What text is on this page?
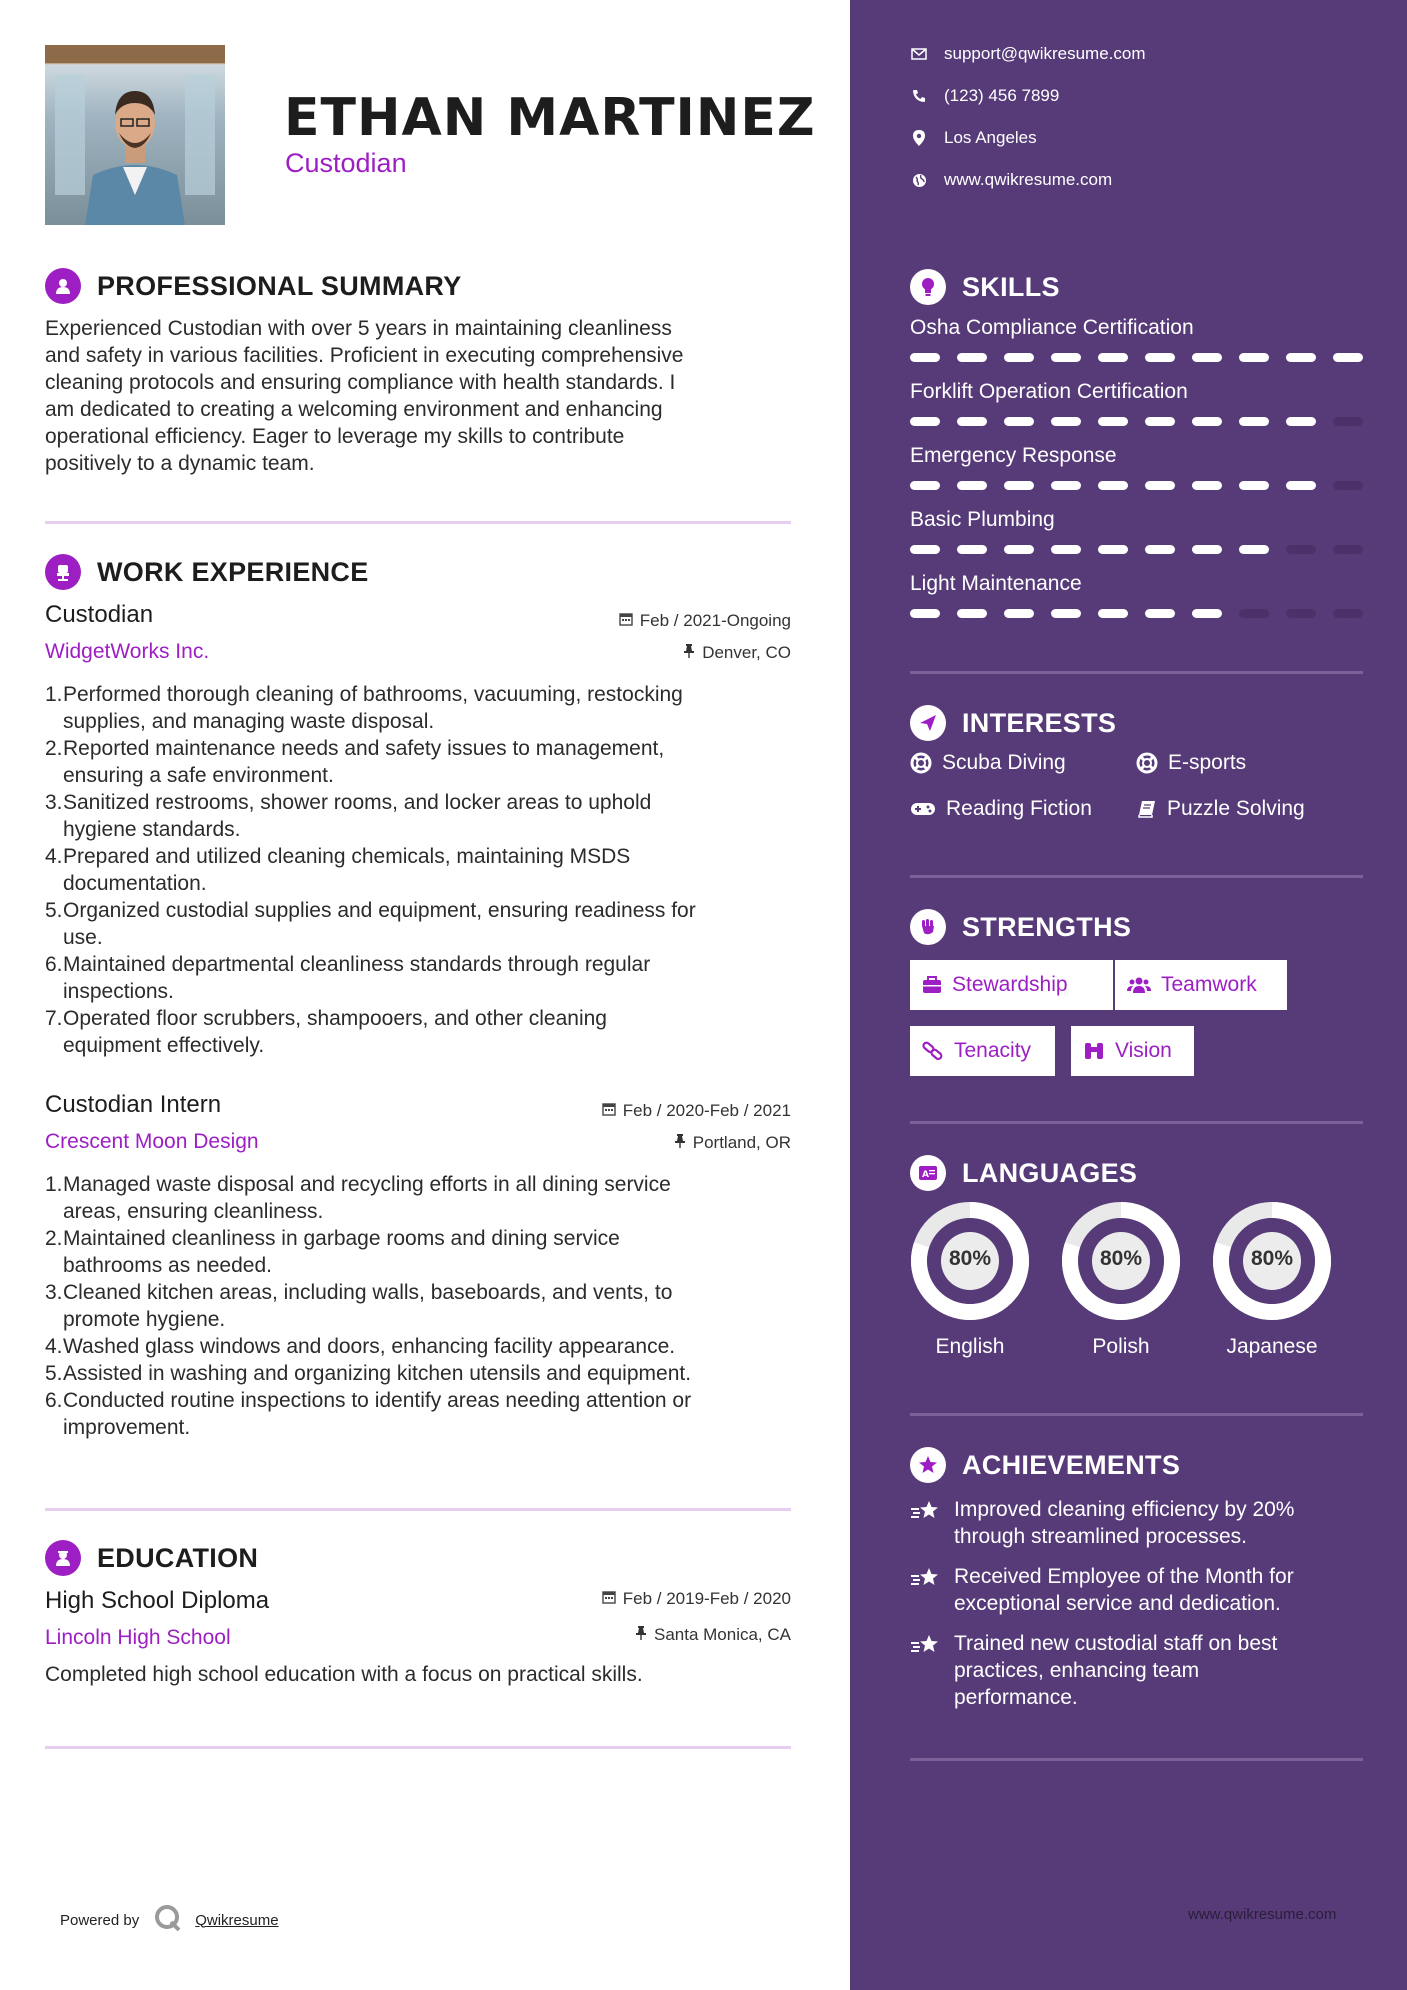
ETHAN MARTINEZ
Custodian
PROFESSIONAL SUMMARY
Experienced Custodian with over 5 years in maintaining cleanliness
and safety in various facilities. Proficient in executing comprehensive
cleaning protocols and ensuring compliance with health standards. I
am dedicated to creating a welcoming environment and enhancing
operational efficiency. Eager to leverage my skills to contribute
positively to a dynamic team.
WORK EXPERIENCE
Custodian	Feb / 2021-Ongoing
WidgetWorks Inc.	Denver, CO
1. Performed thorough cleaning of bathrooms, vacuuming, restocking
supplies, and managing waste disposal.
2. Reported maintenance needs and safety issues to management,
ensuring a safe environment.
3. Sanitized restrooms, shower rooms, and locker areas to uphold
hygiene standards.
4. Prepared and utilized cleaning chemicals, maintaining MSDS
documentation.
5. Organized custodial supplies and equipment, ensuring readiness for
use.
6. Maintained departmental cleanliness standards through regular
inspections.
7. Operated floor scrubbers, shampooers, and other cleaning
equipment effectively.
Custodian Intern	Feb / 2020-Feb / 2021
Crescent Moon Design	Portland, OR
1. Managed waste disposal and recycling efforts in all dining service
areas, ensuring cleanliness.
2. Maintained cleanliness in garbage rooms and dining service
bathrooms as needed.
3. Cleaned kitchen areas, including walls, baseboards, and vents, to
promote hygiene.
4. Washed glass windows and doors, enhancing facility appearance.
5. Assisted in washing and organizing kitchen utensils and equipment.
6. Conducted routine inspections to identify areas needing attention or
improvement.
EDUCATION
High School Diploma	Feb / 2019-Feb / 2020
Lincoln High School	Santa Monica, CA
Completed high school education with a focus on practical skills.
Powered by	Qwikresume
support@qwikresume.com
(123) 456 7899
Los Angeles
www.qwikresume.com
SKILLS
Osha Compliance Certification
Forklift Operation Certification
Emergency Response
Basic Plumbing
Light Maintenance
INTERESTS
Scuba Diving	E-sports
Reading Fiction	Puzzle Solving
STRENGTHS
Stewardship	Teamwork
Tenacity	Vision
A LANGUAGES
80%
English
80%
Polish
80%
Japanese
ACHIEVEMENTS
Improved cleaning efficiency by 20%
through streamlined processes.
Received Employee of the Month for
exceptional service and dedication.
Trained new custodial staff on best
practices, enhancing team
performance.
www.qwikresume.com
